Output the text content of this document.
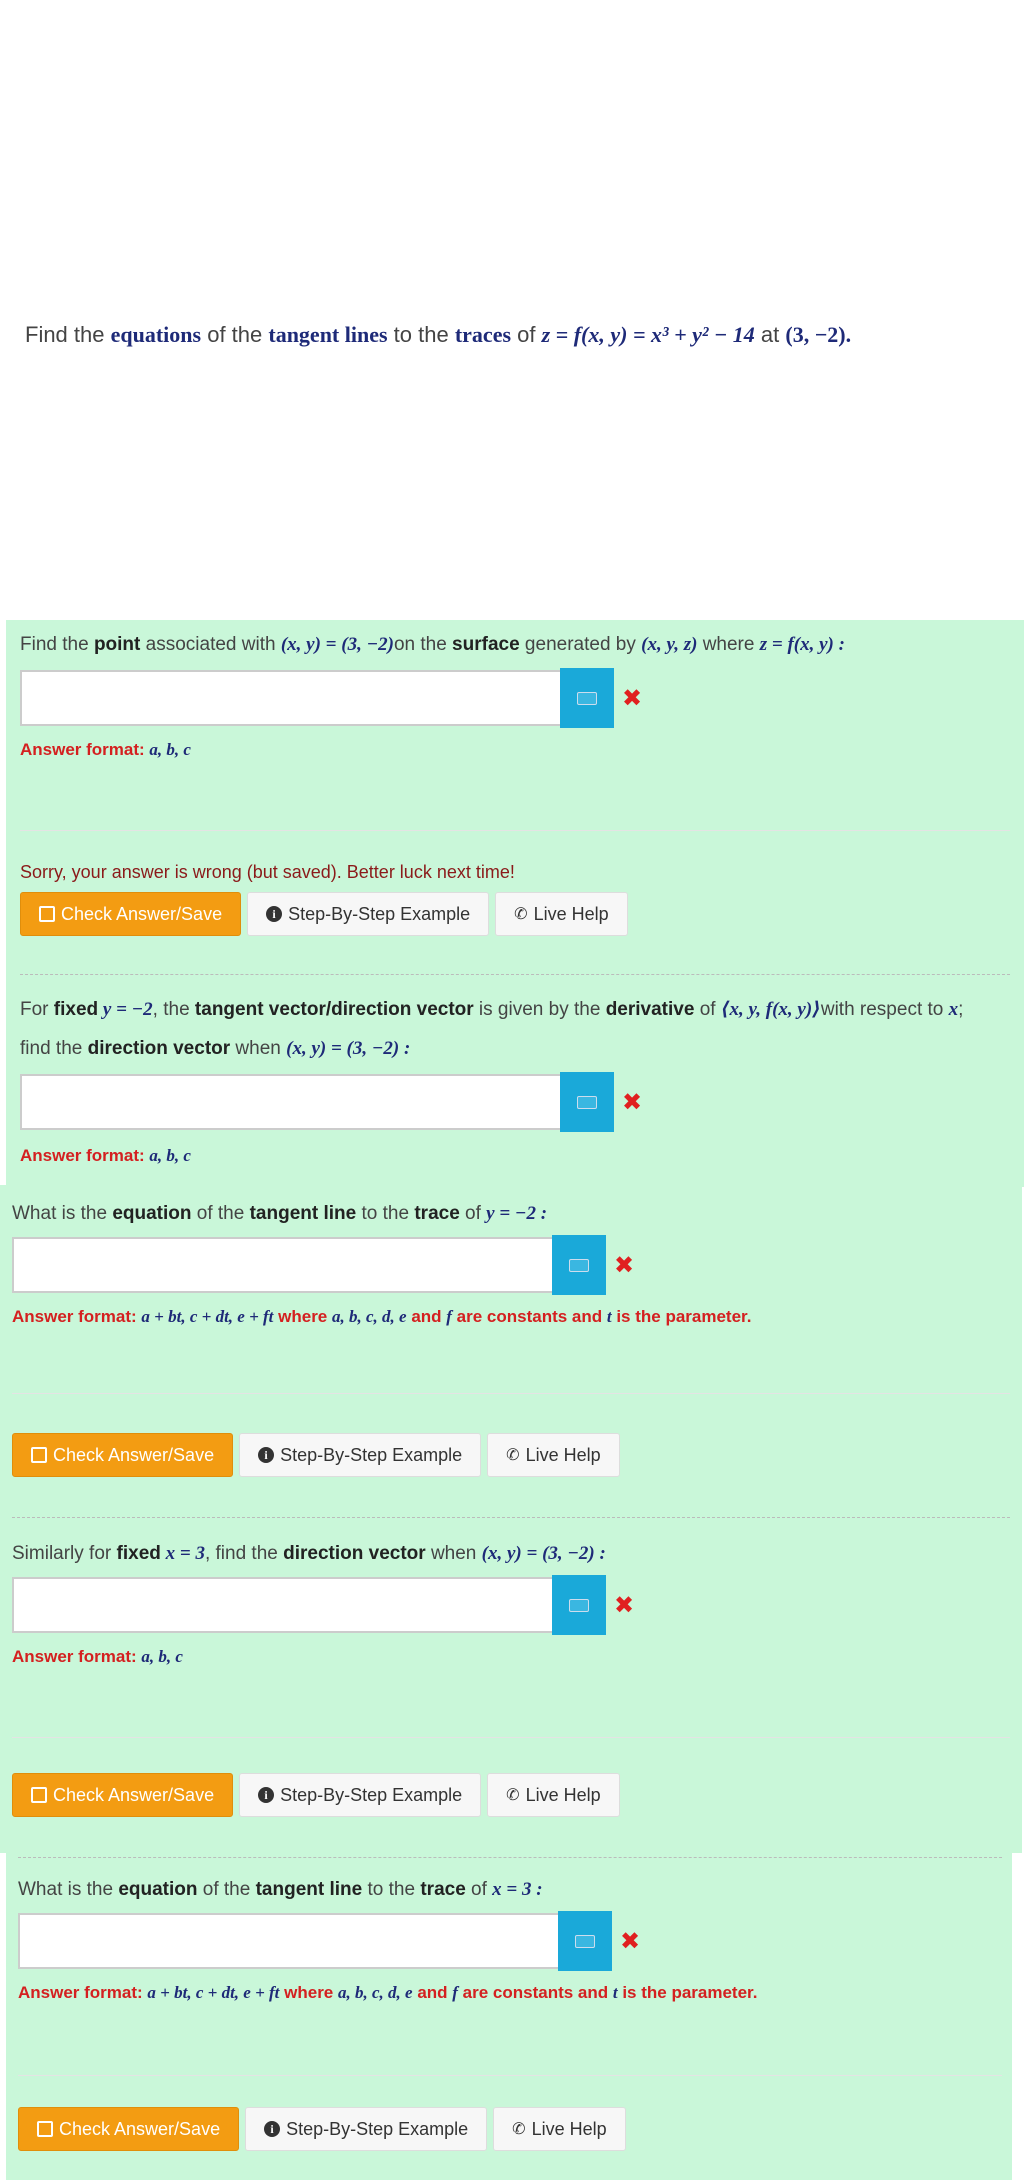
Find the equations of the tangent lines to the traces of z = f(x, y) = x³ + y² − 14 at (3, −2).
Find the point associated with (x, y) = (3, −2)on the surface generated by (x, y, z) where z = f(x, y) :
✖
Answer format: a, b, c
Sorry, your answer is wrong (but saved). Better luck next time!
Check Answer/Save	i Step-By-Step Example	✆ Live Help
For fixed y = −2, the tangent vector/direction vector is given by the derivative of ⟨x, y, f(x, y)⟩with respect to x;
find the direction vector when (x, y) = (3, −2) :
✖
Answer format: a, b, c
What is the equation of the tangent line to the trace of y = −2 :
✖
Answer format: a + bt, c + dt, e + ft where a, b, c, d, e and f are constants and t is the parameter.
Check Answer/Save	i Step-By-Step Example	✆ Live Help
Similarly for fixed x = 3, find the direction vector when (x, y) = (3, −2) :
✖
Answer format: a, b, c
Check Answer/Save	i Step-By-Step Example	✆ Live Help
What is the equation of the tangent line to the trace of x = 3 :
✖
Answer format: a + bt, c + dt, e + ft where a, b, c, d, e and f are constants and t is the parameter.
Check Answer/Save	i Step-By-Step Example	✆ Live Help
